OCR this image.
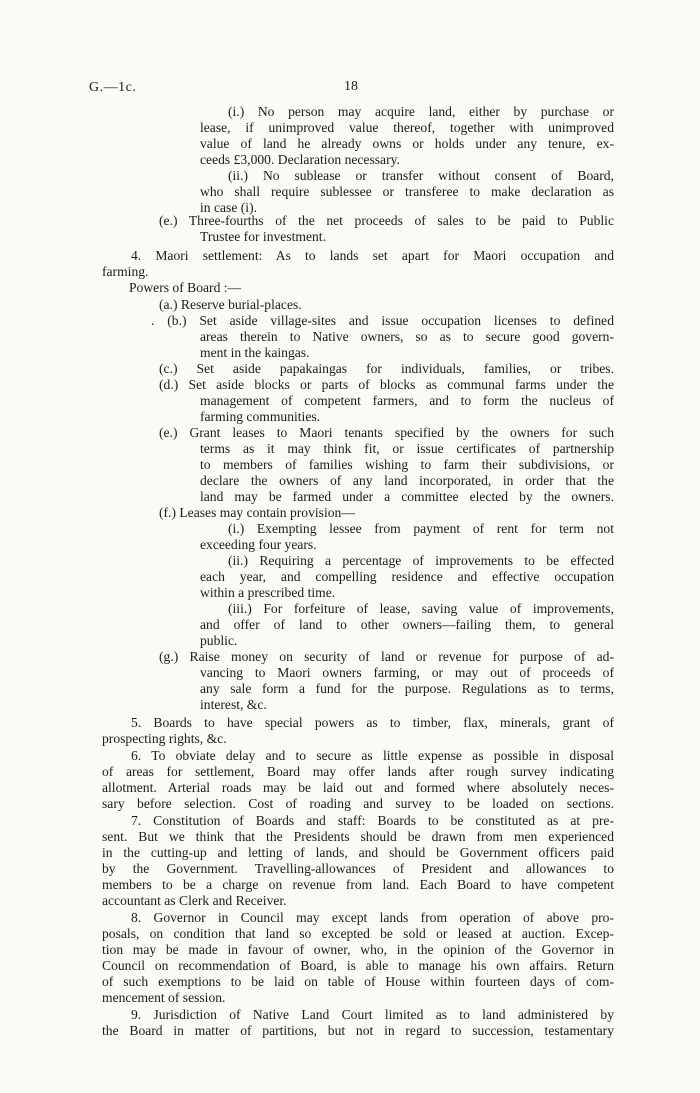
G.—1c.	18
(i.) No person may acquire land, either by purchase or
lease, if unimproved value thereof, together with unimproved
value of land he already owns or holds under any tenure, ex-
ceeds £3,000. Declaration necessary.
(ii.) No sublease or transfer without consent of Board,
who shall require sublessee or transferee to make declaration as
in case (i).
(e.) Three-fourths of the net proceeds of sales to be paid to Public
Trustee for investment.
4. Maori settlement: As to lands set apart for Maori occupation and
farming.
Powers of Board :—
(a.) Reserve burial-places.
. (b.) Set aside village-sites and issue occupation licenses to defined
areas therein to Native owners, so as to secure good govern-
ment in the kaingas.
(c.) Set aside papakaingas for individuals, families, or tribes.
(d.) Set aside blocks or parts of blocks as communal farms under the
management of competent farmers, and to form the nucleus of
farming communities.
(e.) Grant leases to Maori tenants specified by the owners for such
terms as it may think fit, or issue certificates of partnership
to members of families wishing to farm their subdivisions, or
declare the owners of any land incorporated, in order that the
land may be farmed under a committee elected by the owners.
(f.) Leases may contain provision—
(i.) Exempting lessee from payment of rent for term not
exceeding four years.
(ii.) Requiring a percentage of improvements to be effected
each year, and compelling residence and effective occupation
within a prescribed time.
(iii.) For forfeiture of lease, saving value of improvements,
and offer of land to other owners—failing them, to general
public.
(g.) Raise money on security of land or revenue for purpose of ad-
vancing to Maori owners farming, or may out of proceeds of
any sale form a fund for the purpose. Regulations as to terms,
interest, &c.
5. Boards to have special powers as to timber, flax, minerals, grant of
prospecting rights, &c.
6. To obviate delay and to secure as little expense as possible in disposal
of areas for settlement, Board may offer lands after rough survey indicating
allotment. Arterial roads may be laid out and formed where absolutely neces-
sary before selection. Cost of roading and survey to be loaded on sections.
7. Constitution of Boards and staff: Boards to be constituted as at pre-
sent. But we think that the Presidents should be drawn from men experienced
in the cutting-up and letting of lands, and should be Government officers paid
by the Government. Travelling-allowances of President and allowances to
members to be a charge on revenue from land. Each Board to have competent
accountant as Clerk and Receiver.
8. Governor in Council may except lands from operation of above pro-
posals, on condition that land so excepted be sold or leased at auction. Excep-
tion may be made in favour of owner, who, in the opinion of the Governor in
Council on recommendation of Board, is able to manage his own affairs. Return
of such exemptions to be laid on table of House within fourteen days of com-
mencement of session.
9. Jurisdiction of Native Land Court limited as to land administered by
the Board in matter of partitions, but not in regard to succession, testamentary
